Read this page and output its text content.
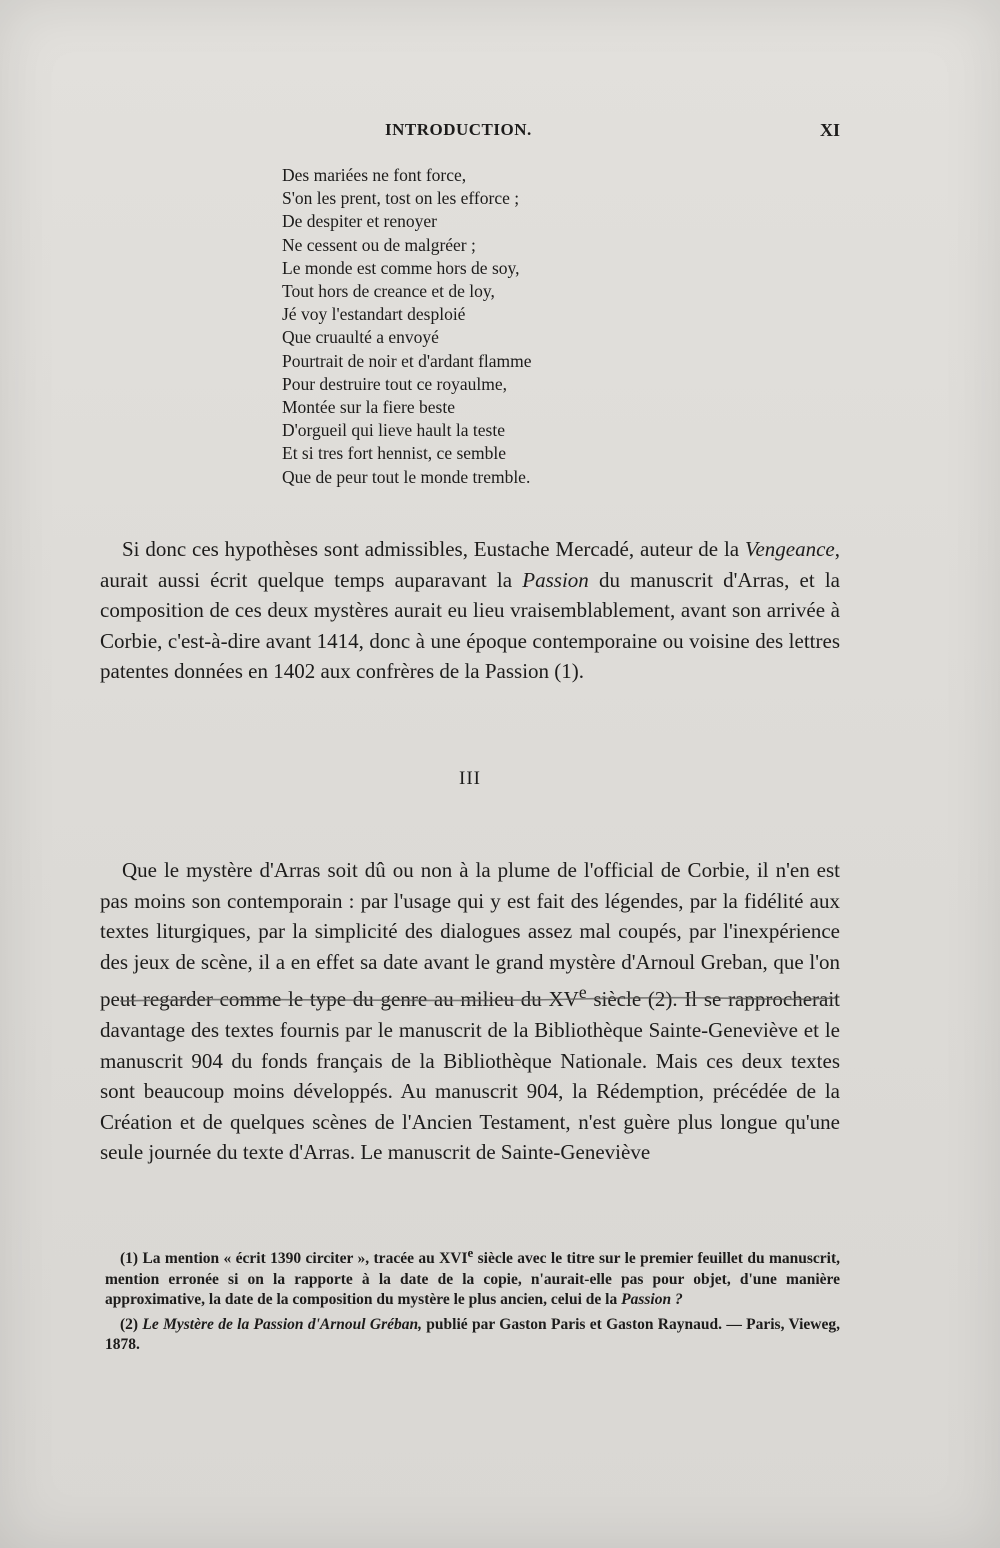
INTRODUCTION.	XI
Des mariées ne font force,
S'on les prent, tost on les efforce ;
De despiter et renoyer
Ne cessent ou de malgréer ;
Le monde est comme hors de soy,
Tout hors de creance et de loy,
Jé voy l'estandart desploié
Que cruaulté a envoyé
Pourtrait de noir et d'ardant flamme
Pour destruire tout ce royaulme,
Montée sur la fiere beste
D'orgueil qui lieve hault la teste
Et si tres fort hennist, ce semble
Que de peur tout le monde tremble.

Si donc ces hypothèses sont admissibles, Eustache Mercadé, auteur de la Vengeance, aurait aussi écrit quelque temps auparavant la Passion du manuscrit d'Arras, et la composition de ces deux mystères aurait eu lieu vraisemblablement, avant son arrivée à Corbie, c'est-à-dire avant 1414, donc à une époque contemporaine ou voisine des lettres patentes données en 1402 aux confrères de la Passion (1).

III

Que le mystère d'Arras soit dû ou non à la plume de l'official de Corbie, il n'en est pas moins son contemporain : par l'usage qui y est fait des légendes, par la fidélité aux textes liturgiques, par la simplicité des dialogues assez mal coupés, par l'inexpérience des jeux de scène, il a en effet sa date avant le grand mystère d'Arnoul Greban, que l'on peut regarder comme le type du genre au milieu du XVe siècle (2). Il se rapprocherait davantage des textes fournis par le manuscrit de la Bibliothèque Sainte-Geneviève et le manuscrit 904 du fonds français de la Bibliothèque Nationale. Mais ces deux textes sont beaucoup moins développés. Au manuscrit 904, la Rédemption, précédée de la Création et de quelques scènes de l'Ancien Testament, n'est guère plus longue qu'une seule journée du texte d'Arras. Le manuscrit de Sainte-Geneviève

(1) La mention « écrit 1390 circiter », tracée au XVIe siècle avec le titre sur le premier feuillet du manuscrit, mention erronée si on la rapporte à la date de la copie, n'aurait-elle pas pour objet, d'une manière approximative, la date de la composition du mystère le plus ancien, celui de la Passion ?

(2) Le Mystère de la Passion d'Arnoul Gréban, publié par Gaston Paris et Gaston Raynaud. — Paris, Vieweg, 1878.
